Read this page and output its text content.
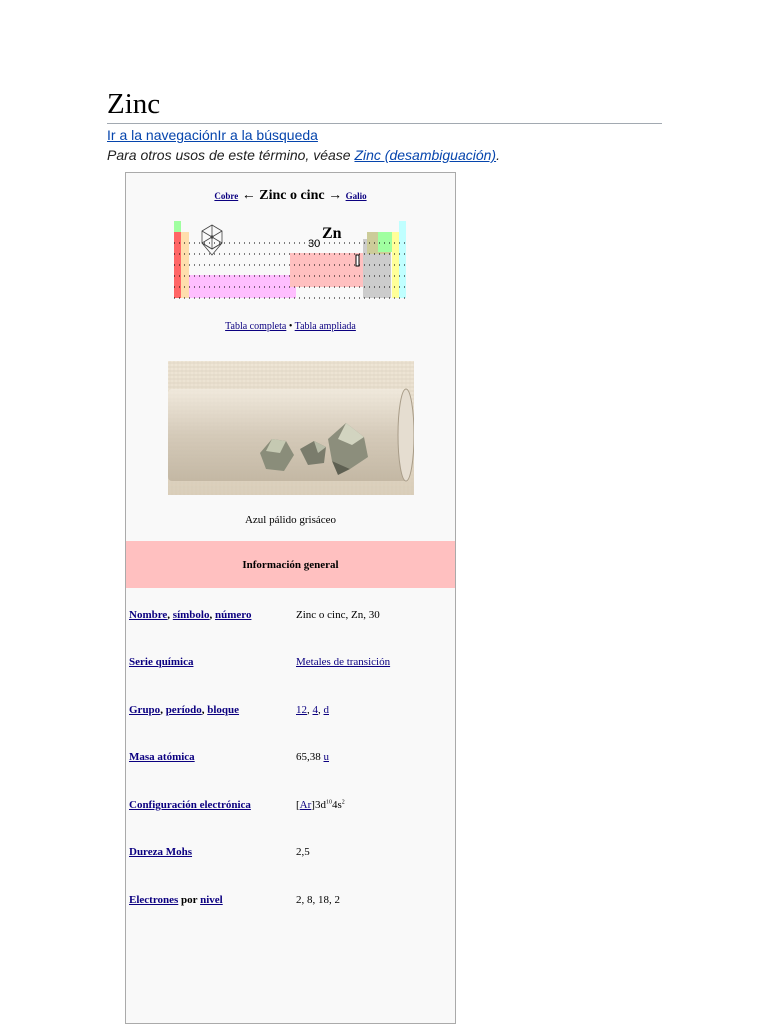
Zinc
Ir a la navegaciónIr a la búsqueda
Para otros usos de este término, véase Zinc (desambiguación).
Cobre ← Zinc o cinc → Galio
30
Zn
Tabla completa • Tabla ampliada
Azul pálido grisáceo
Información general
Nombre, símbolo, número	Zinc o cinc, Zn, 30
Serie química	Metales de transición
Grupo, período, bloque	12, 4, d
Masa atómica	65,38 u
Configuración electrónica	$[Ar]3d^{10}4s^2$
Dureza Mohs	2,5
Electrones por nivel	2, 8, 18, 2
